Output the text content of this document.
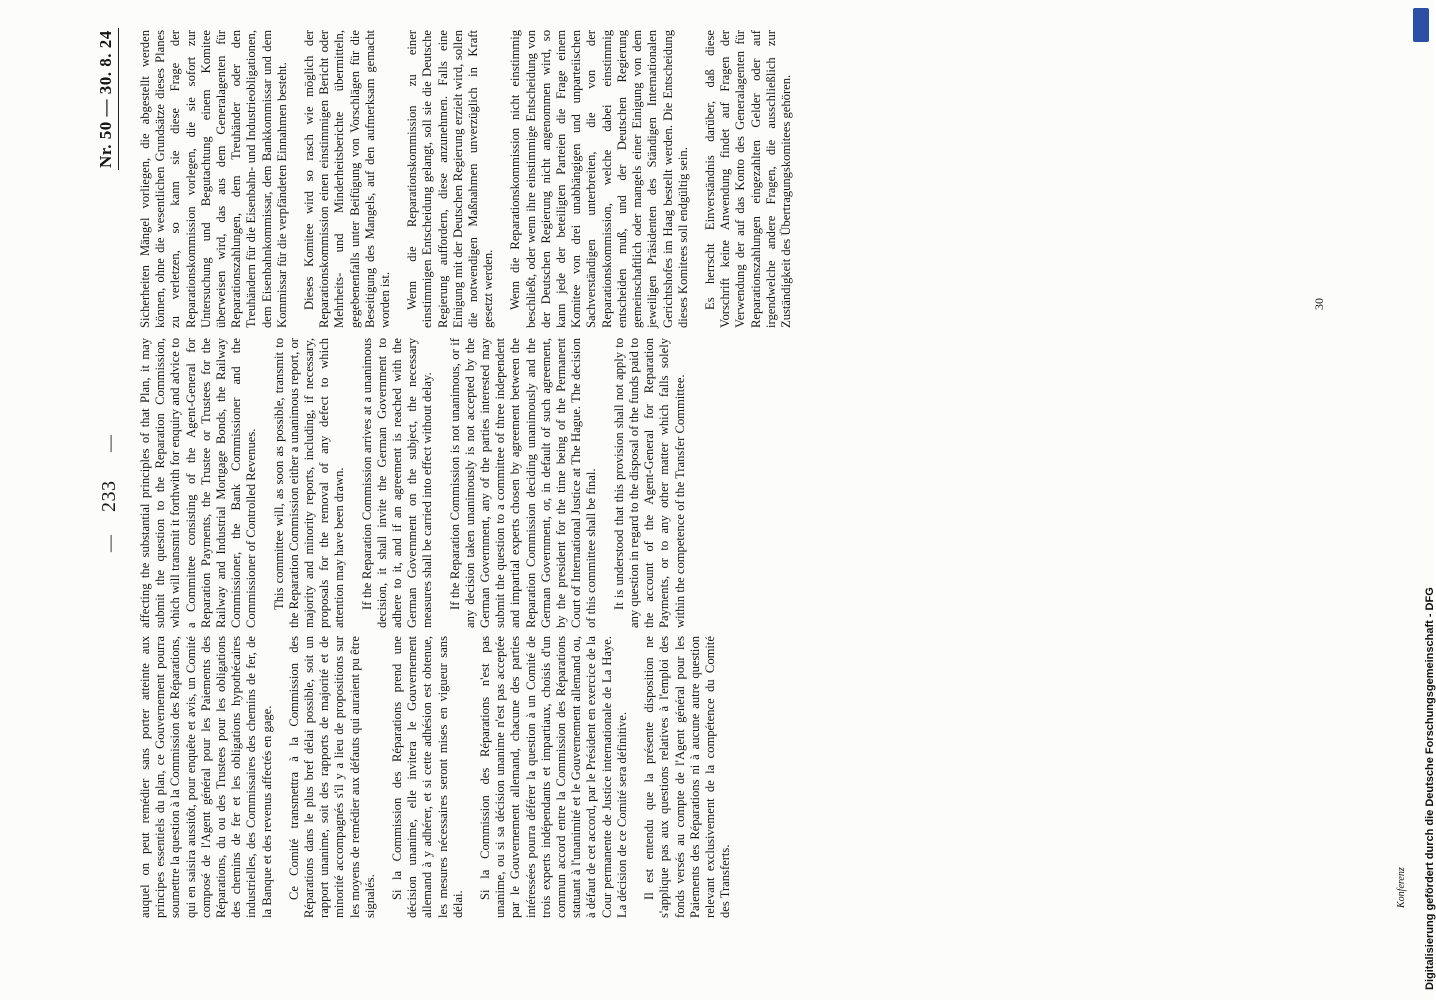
—
233
—
Nr. 50 — 30. 8. 24

auquel on peut remédier sans porter atteinte aux principes essentiels du plan, ce Gouvernement pourra soumettre la question à la Commission des Réparations, qui en saisira aussitôt, pour enquête et avis, un Comité composé de l'Agent général pour les Paiements des Réparations, du ou des Trustees pour les obligations des chemins de fer et les obligations hypothécaires industrielles, des Commissaires des chemins de fer, de la Banque et des revenus affectés en gage. Ce Comité transmettra à la Commission des Réparations dans le plus bref délai possible, soit un rapport unanime, soit des rapports de majorité et de minorité accompagnés s'il y a lieu de propositions sur les moyens de remédier aux défauts qui auraient pu être signalés. Si la Commission des Réparations prend une décision unanime, elle invitera le Gouvernement allemand à y adhérer, et si cette adhésion est obtenue, les mesures nécessaires seront mises en vigueur sans délai.

Si la Commission des Réparations n'est pas unanime, ou si sa décision unanime n'est pas acceptée par le Gouvernement allemand, chacune des parties intéressées pourra déférer la question à un Comité de trois experts indépendants et impartiaux, choisis d'un commun accord entre la Commission des Réparations statuant à l'unanimité et le Gouvernement allemand ou, à défaut de cet accord, par le Président en exercice de la Cour permanente de Justice internationale de La Haye. La décision de ce Comité sera définitive. Il est entendu que la présente disposition ne s'applique pas aux questions relatives à l'emploi des fonds versés au compte de l'Agent général pour les Paiements des Réparations ni à aucune autre question relevant exclusivement de la compétence du Comité des Transferts.

affecting the substantial principles of that Plan, it may submit the question to the Reparation Commission, which will transmit it forthwith for enquiry and advice to a Committee consisting of the Agent-General for Reparation Payments, the Trustee or Trustees for the Railway and Industrial Mortgage Bonds, the Railway Commissioner, the Bank Commissioner and the Commissioner of Controlled Revenues. This committee will, as soon as possible, transmit to the Reparation Commission either a unanimous report, or majority and minority reports, including, if necessary, proposals for the removal of any defect to which attention may have been drawn. If the Reparation Commission arrives at a unanimous decision, it shall invite the German Government to adhere to it, and if an agreement is reached with the German Government on the subject, the necessary measures shall be carried into effect without delay. If the Reparation Commission is not unanimous, or if any decision taken unanimously is not accepted by the German Government, any of the parties interested may submit the question to a committee of three independent and impartial experts chosen by agreement between the Reparation Commission deciding unanimously and the German Government, or, in default of such agreement, by the president for the time being of the Permanent Court of International Justice at The Hague. The decision of this committee shall be final. It is understood that this provision shall not apply to any question in regard to the disposal of the funds paid to the account of the Agent-General for Reparation Payments, or to any other matter which falls solely within the competence of the Transfer Committee.

Sicherheiten Mängel vorliegen, die abgestellt werden können, ohne die wesentlichen Grundsätze dieses Planes zu verletzen, so kann sie diese Frage der Reparationskommission vorlegen, die sie sofort zur Untersuchung und Begutachtung einem Komitee überweisen wird, das aus dem Generalagenten für Reparationszahlungen, dem Treuhänder oder den Treuhändern für die Eisenbahn- und Industrieobligationen, dem Eisenbahnkommissar, dem Bankkommissar und dem Kommissar für die verpfändeten Einnahmen besteht. Dieses Komitee wird so rasch wie möglich der Reparationskommission einen einstimmigen Bericht oder Mehrheits- und Minderheitsberichte übermitteln, gegebenenfalls unter Beifügung von Vorschlägen für die Beseitigung des Mangels, auf den aufmerksam gemacht worden ist. Wenn die Reparationskommission zu einer einstimmigen Entscheidung gelangt, soll sie die Deutsche Regierung auffordern, diese anzunehmen. Falls eine Einigung mit der Deutschen Regierung erzielt wird, sollen die notwendigen Maßnahmen unverzüglich in Kraft gesetzt werden. Wenn die Reparationskommission nicht einstimmig beschließt, oder wenn ihre einstimmige Entscheidung von der Deutschen Regierung nicht angenommen wird, so kann jede der beteiligten Parteien die Frage einem Komitee von drei unabhängigen und unparteiischen Sachverständigen unterbreiten, die von der Reparationskommission, welche dabei einstimmig entscheiden muß, und der Deutschen Regierung gemeinschaftlich oder mangels einer Einigung von dem jeweiligen Präsidenten des Ständigen Internationalen Gerichtshofes im Haag bestellt werden. Die Entscheidung dieses Komitees soll endgültig sein. Es herrscht Einverständnis darüber, daß diese Vorschrift keine Anwendung findet auf Fragen der Verwendung der auf das Konto des Generalagenten für Reparationszahlungen eingezahlten Gelder oder auf irgendwelche andere Fragen, die ausschließlich zur Zuständigkeit des Übertragungskomitees gehören.

Konferenz
30
Digitalisierung gefördert durch die Deutsche Forschungsgemeinschaft - DFG
